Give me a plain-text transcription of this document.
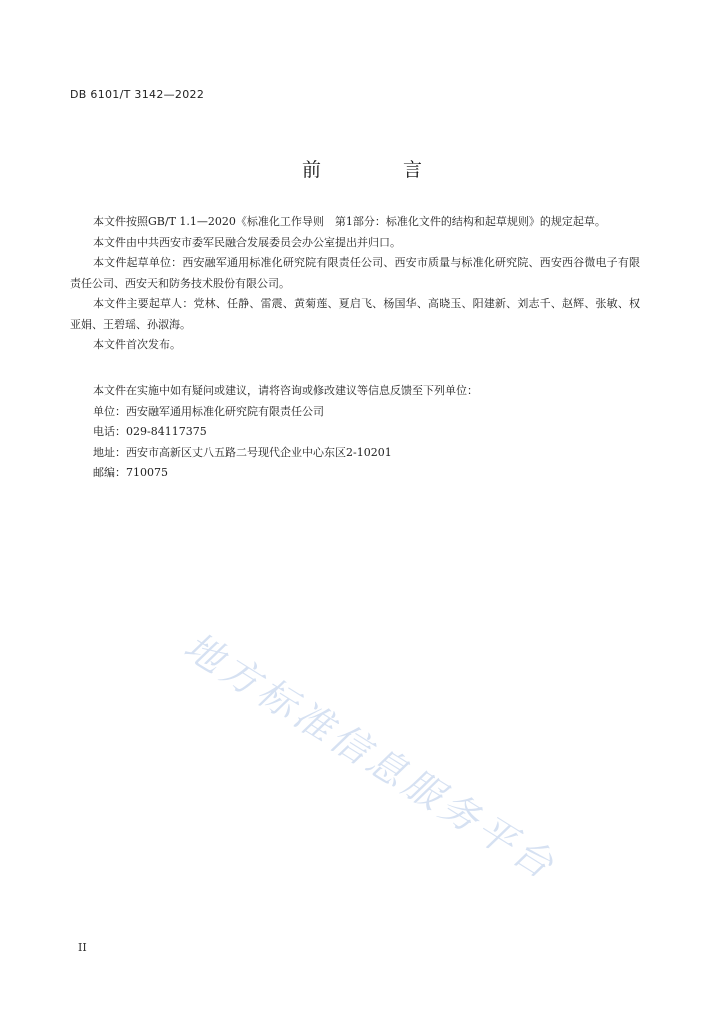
DB 6101/T 3142—2022
前 言

本文件按照GB/T 1.1—2020《标准化工作导则　第1部分：标准化文件的结构和起草规则》的规定起草。

本文件由中共西安市委军民融合发展委员会办公室提出并归口。

本文件起草单位：西安融军通用标准化研究院有限责任公司、西安市质量与标准化研究院、西安西谷微电子有限责任公司、西安天和防务技术股份有限公司。

本文件主要起草人：党林、任静、雷震、黄菊莲、夏启飞、杨国华、高晓玉、阳建新、刘志千、赵辉、张敏、权亚娟、王碧瑶、孙淑海。

本文件首次发布。

本文件在实施中如有疑问或建议，请将咨询或修改建议等信息反馈至下列单位：

单位：西安融军通用标准化研究院有限责任公司

电话：029-84117375

地址：西安市高新区丈八五路二号现代企业中心东区2-10201

邮编：710075

地方标准信息服务平台
II
